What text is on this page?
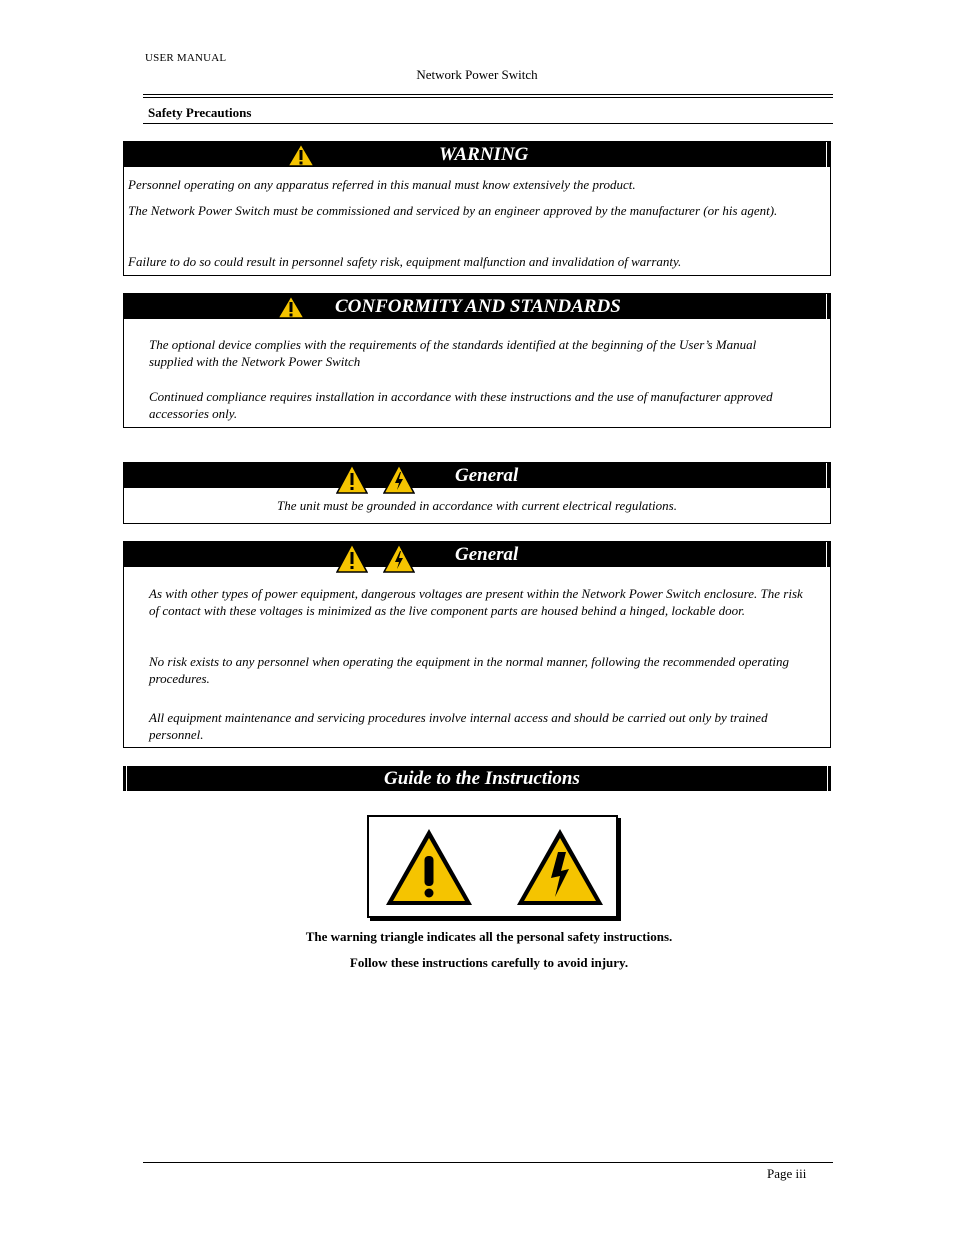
USER MANUAL
Network Power Switch
Safety Precautions
WARNING

Personnel operating on any apparatus referred in this manual must know extensively the product.

The Network Power Switch must be commissioned and serviced by an engineer approved by the manufacturer (or his agent).

Failure to do so could result in personnel safety risk, equipment malfunction and invalidation of warranty.

CONFORMITY AND STANDARDS

The optional device complies with the requirements of the standards identified at the beginning of the User’s Manual supplied with the Network Power Switch

Continued compliance requires installation in accordance with these instructions and the use of manufacturer approved accessories only.

General

The unit must be grounded in accordance with current electrical regulations.

General

As with other types of power equipment, dangerous voltages are present within the Network Power Switch enclosure. The risk of contact with these voltages is minimized as the live component parts are housed behind a hinged, lockable door.

No risk exists to any personnel when operating the equipment in the normal manner, following the recommended operating procedures.

All equipment maintenance and servicing procedures involve internal access and should be carried out only by trained personnel.

Guide to the Instructions
The warning triangle indicates all the personal safety instructions.
Follow these instructions carefully to avoid injury.
Page iii
